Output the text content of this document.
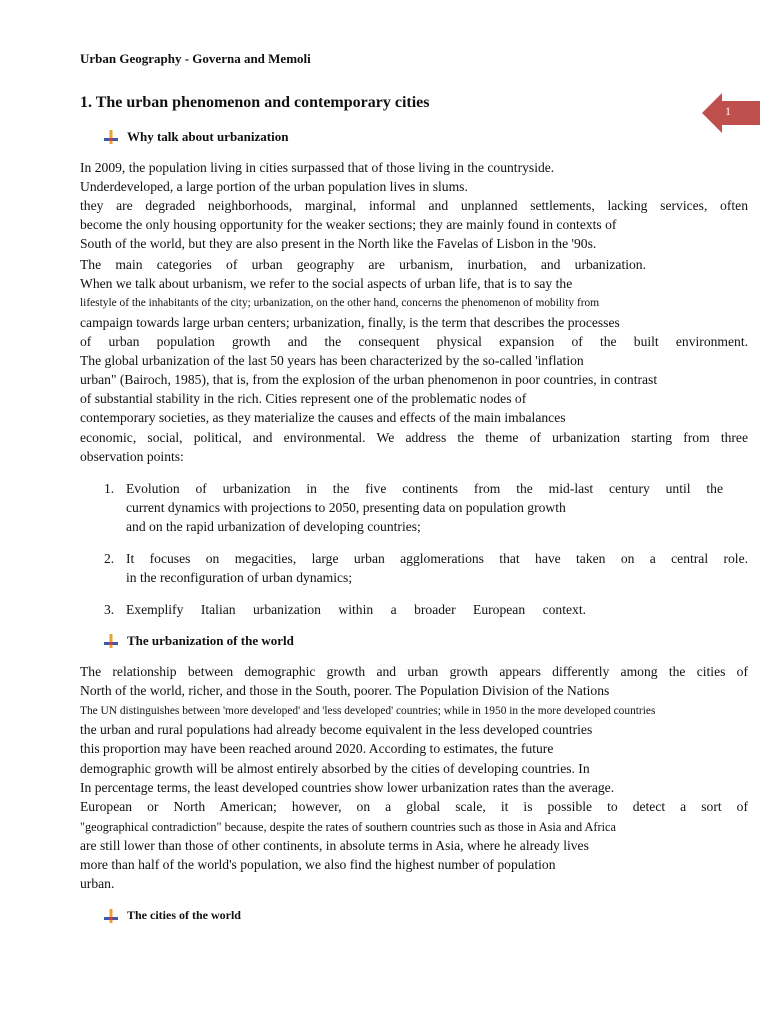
Urban Geography - Governa and Memoli
1. The urban phenomenon and contemporary cities	1
Why talk about urbanization
In 2009, the population living in cities surpassed that of those living in the countryside.
Underdeveloped, a large portion of the urban population lives in slums.
they are degraded neighborhoods, marginal, informal and unplanned settlements, lacking services, often
become the only housing opportunity for the weaker sections; they are mainly found in contexts of
South of the world, but they are also present in the North like the Favelas of Lisbon in the '90s.
The main categories of urban geography are urbanism, inurbation, and urbanization.
When we talk about urbanism, we refer to the social aspects of urban life, that is to say the
lifestyle of the inhabitants of the city; urbanization, on the other hand, concerns the phenomenon of mobility from
campaign towards large urban centers; urbanization, finally, is the term that describes the processes
of urban population growth and the consequent physical expansion of the built environment.
The global urbanization of the last 50 years has been characterized by the so-called 'inflation
urban" (Bairoch, 1985), that is, from the explosion of the urban phenomenon in poor countries, in contrast
of substantial stability in the rich. Cities represent one of the problematic nodes of
contemporary societies, as they materialize the causes and effects of the main imbalances
economic, social, political, and environmental. We address the theme of urbanization starting from three
observation points:
1. Evolution of urbanization in the five continents from the mid-last century until the
current dynamics with projections to 2050, presenting data on population growth
and on the rapid urbanization of developing countries;
2. It focuses on megacities, large urban agglomerations that have taken on a central role.
in the reconfiguration of urban dynamics;
3. Exemplify Italian urbanization within a broader European context.
The urbanization of the world
The relationship between demographic growth and urban growth appears differently among the cities of
North of the world, richer, and those in the South, poorer. The Population Division of the Nations
The UN distinguishes between 'more developed' and 'less developed' countries; while in 1950 in the more developed countries
the urban and rural populations had already become equivalent in the less developed countries
this proportion may have been reached around 2020. According to estimates, the future
demographic growth will be almost entirely absorbed by the cities of developing countries. In
In percentage terms, the least developed countries show lower urbanization rates than the average.
European or North American; however, on a global scale, it is possible to detect a sort of
"geographical contradiction" because, despite the rates of southern countries such as those in Asia and Africa
are still lower than those of other continents, in absolute terms in Asia, where he already lives
more than half of the world's population, we also find the highest number of population
urban.
The cities of the world
